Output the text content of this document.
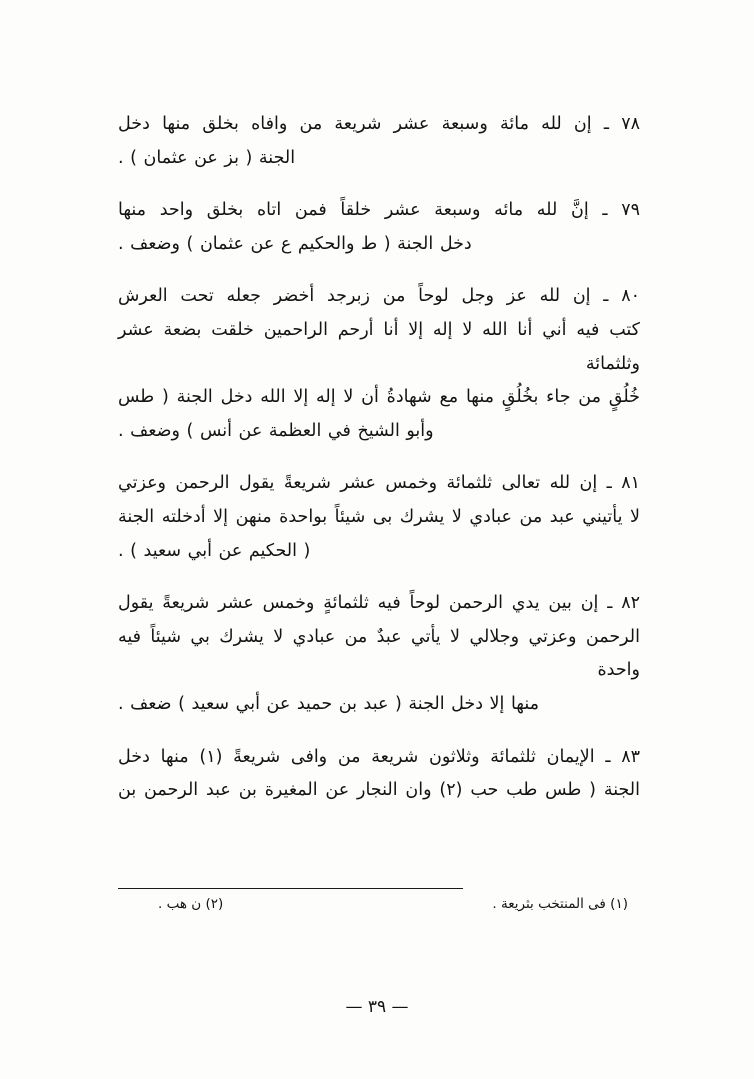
٧٨ ـ إن لله مائة وسبعة عشر شريعة من وافاه بخلق منها دخل
الجنة ( بز عن عثمان ) .
٧٩ ـ إنَّ لله مائه وسبعة عشر خلقاً فمن اتاه بخلق واحد منها
دخل الجنة ( ط والحكيم ع عن عثمان ) وضعف .
٨٠ ـ إن لله عز وجل لوحاً من زبرجد أخضر جعله تحت العرش
كتب فيه أني أنا الله لا إله إلا أنا أرحم الراحمين خلقت بضعة عشر وثلثمائة
خُلُقٍ من جاء بخُلُقٍ منها مع شهادةُ أن لا إله إلا الله دخل الجنة ( طس
وأبو الشيخ في العظمة عن أنس ) وضعف .
٨١ ـ إن لله تعالى ثلثمائة وخمس عشر شريعةً يقول الرحمن وعزتي
لا يأتيني عبد من عبادي لا يشرك بى شيئاً بواحدة منهن إلا أدخلته الجنة
( الحكيم عن أبي سعيد ) .
٨٢ ـ إن بين يدي الرحمن لوحاً فيه ثلثمائةٍ وخمس عشر شريعةً يقول
الرحمن وعزتي وجلالي لا يأتي عبدٌ من عبادي لا يشرك بي شيئاً فيه واحدة
منها إلا دخل الجنة ( عبد بن حميد عن أبي سعيد ) ضعف .
٨٣ ـ الإيمان ثلثمائة وثلاثون شريعة من وافى شريعةً (١) منها دخل
الجنة ( طس طب حب (٢) وان النجار عن المغيرة بن عبد الرحمن بن
(١) فى المنتخب بثريعة .
(٢) ن هب .
— ٣٩ —
